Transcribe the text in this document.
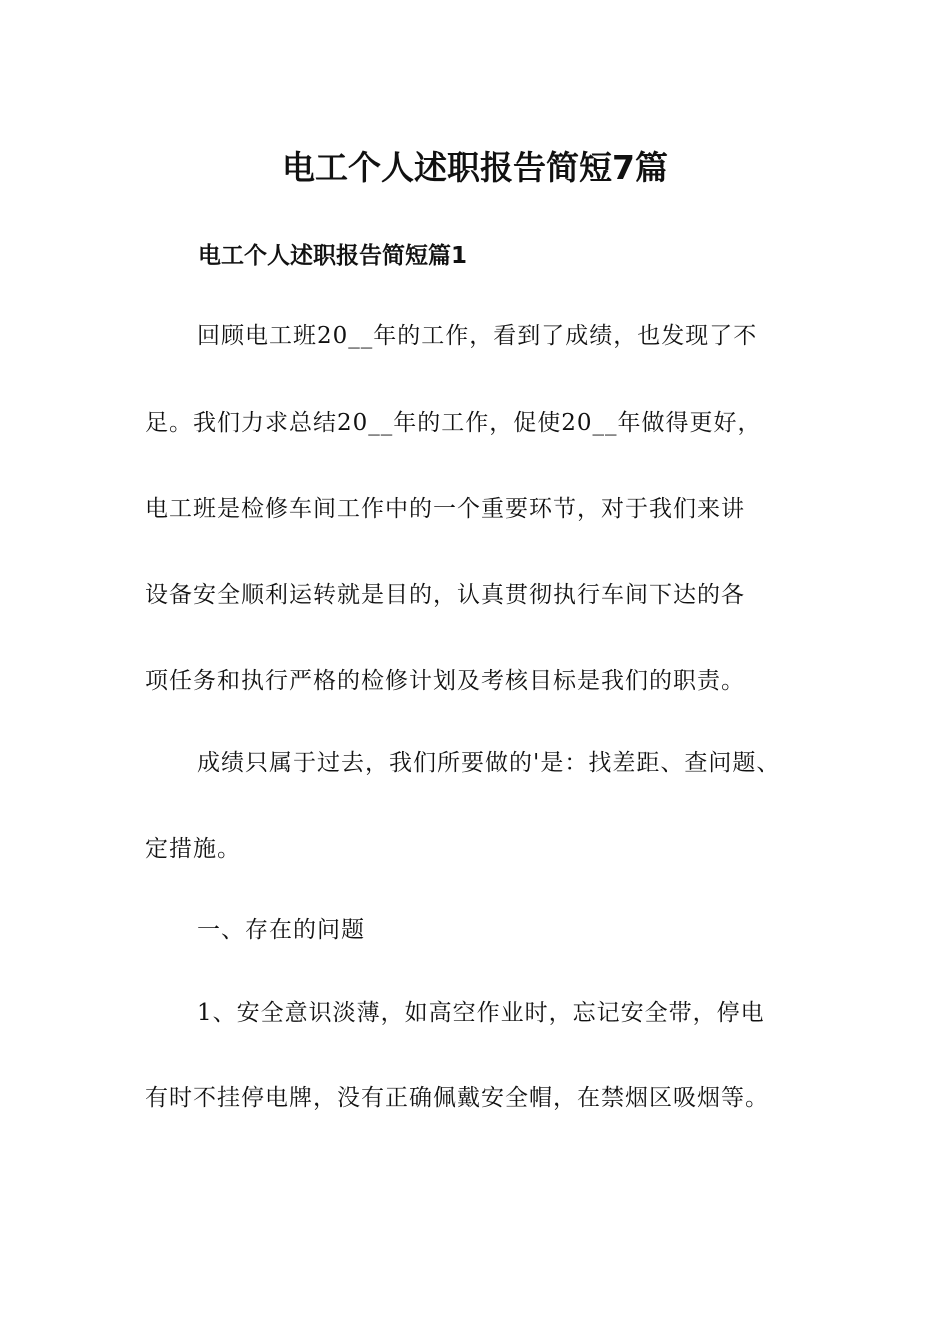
电工个人述职报告简短7篇
电工个人述职报告简短篇1
回顾电工班20__年的工作，看到了成绩，也发现了不
足。我们力求总结20__年的工作，促使20__年做得更好，
电工班是检修车间工作中的一个重要环节，对于我们来讲
设备安全顺利运转就是目的，认真贯彻执行车间下达的各
项任务和执行严格的检修计划及考核目标是我们的职责。
成绩只属于过去，我们所要做的'是：找差距、查问题、
定措施。
一、存在的问题
1、安全意识淡薄，如高空作业时，忘记安全带，停电
有时不挂停电牌，没有正确佩戴安全帽，在禁烟区吸烟等。
